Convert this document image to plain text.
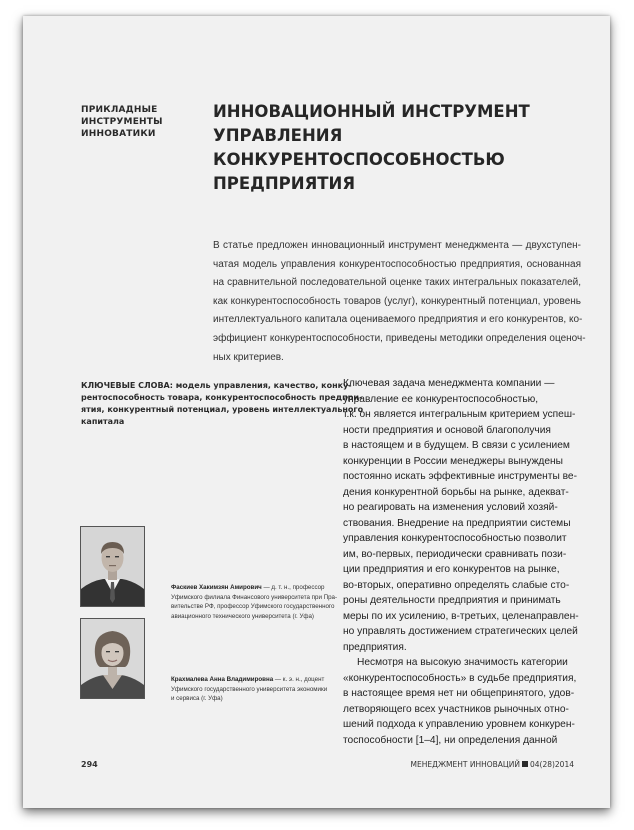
ПРИКЛАДНЫЕ
ИНСТРУМЕНТЫ
ИННОВАТИКИ
ИННОВАЦИОННЫЙ ИНСТРУМЕНТ
УПРАВЛЕНИЯ КОНКУРЕНТОСПОСОБНОСТЬЮ
ПРЕДПРИЯТИЯ
В статье предложен инновационный инструмент менеджмента — двухступен-
чатая модель управления конкурентоспособностью предприятия, основанная
на сравнительной последовательной оценке таких интегральных показателей,
как конкурентоспособность товаров (услуг), конкурентный потенциал, уровень
интеллектуального капитала оцениваемого предприятия и его конкурентов, ко-
эффициент конкурентоспособности, приведены методики определения оценоч-
ных критериев.
КЛЮЧЕВЫЕ СЛОВА: модель управления, качество, конку-
рентоспособность товара, конкурентоспособность предпри-
ятия, конкурентный потенциал, уровень интеллектуального
капитала
Ключевая задача менеджмента компании —
управление ее конкурентоспособностью,
т.к. он является интегральным критерием успеш-
ности предприятия и основой благополучия
в настоящем и в будущем. В связи с усилением
конкуренции в России менеджеры вынуждены
постоянно искать эффективные инструменты ве-
дения конкурентной борьбы на рынке, адекват-
но реагировать на изменения условий хозяй-
ствования. Внедрение на предприятии системы
управления конкурентоспособностью позволит
им, во-первых, периодически сравнивать пози-
ции предприятия и его конкурентов на рынке,
во-вторых, оперативно определять слабые сто-
роны деятельности предприятия и принимать
меры по их усилению, в-третьих, целенаправлен-
но управлять достижением стратегических целей
предприятия.
Несмотря на высокую значимость категории
«конкурентоспособность» в судьбе предприятия,
в настоящее время нет ни общепринятого, удов-
летворяющего всех участников рыночных отно-
шений подхода к управлению уровнем конкурен-
тоспособности [1–4], ни определения данной
Фаскиев Хакимзян Амирович — д. т. н., профессор
Уфимского филиала Финансового университета при Пра-
вительстве РФ, профессор Уфимского государственного
авиационного технического университета (г. Уфа)
Крахмалева Анна Владимировна — к. э. н., доцент
Уфимского государственного университета экономики
и сервиса (г. Уфа)
294	МЕНЕДЖМЕНТ ИННОВАЦИЙ 04(28)2014
